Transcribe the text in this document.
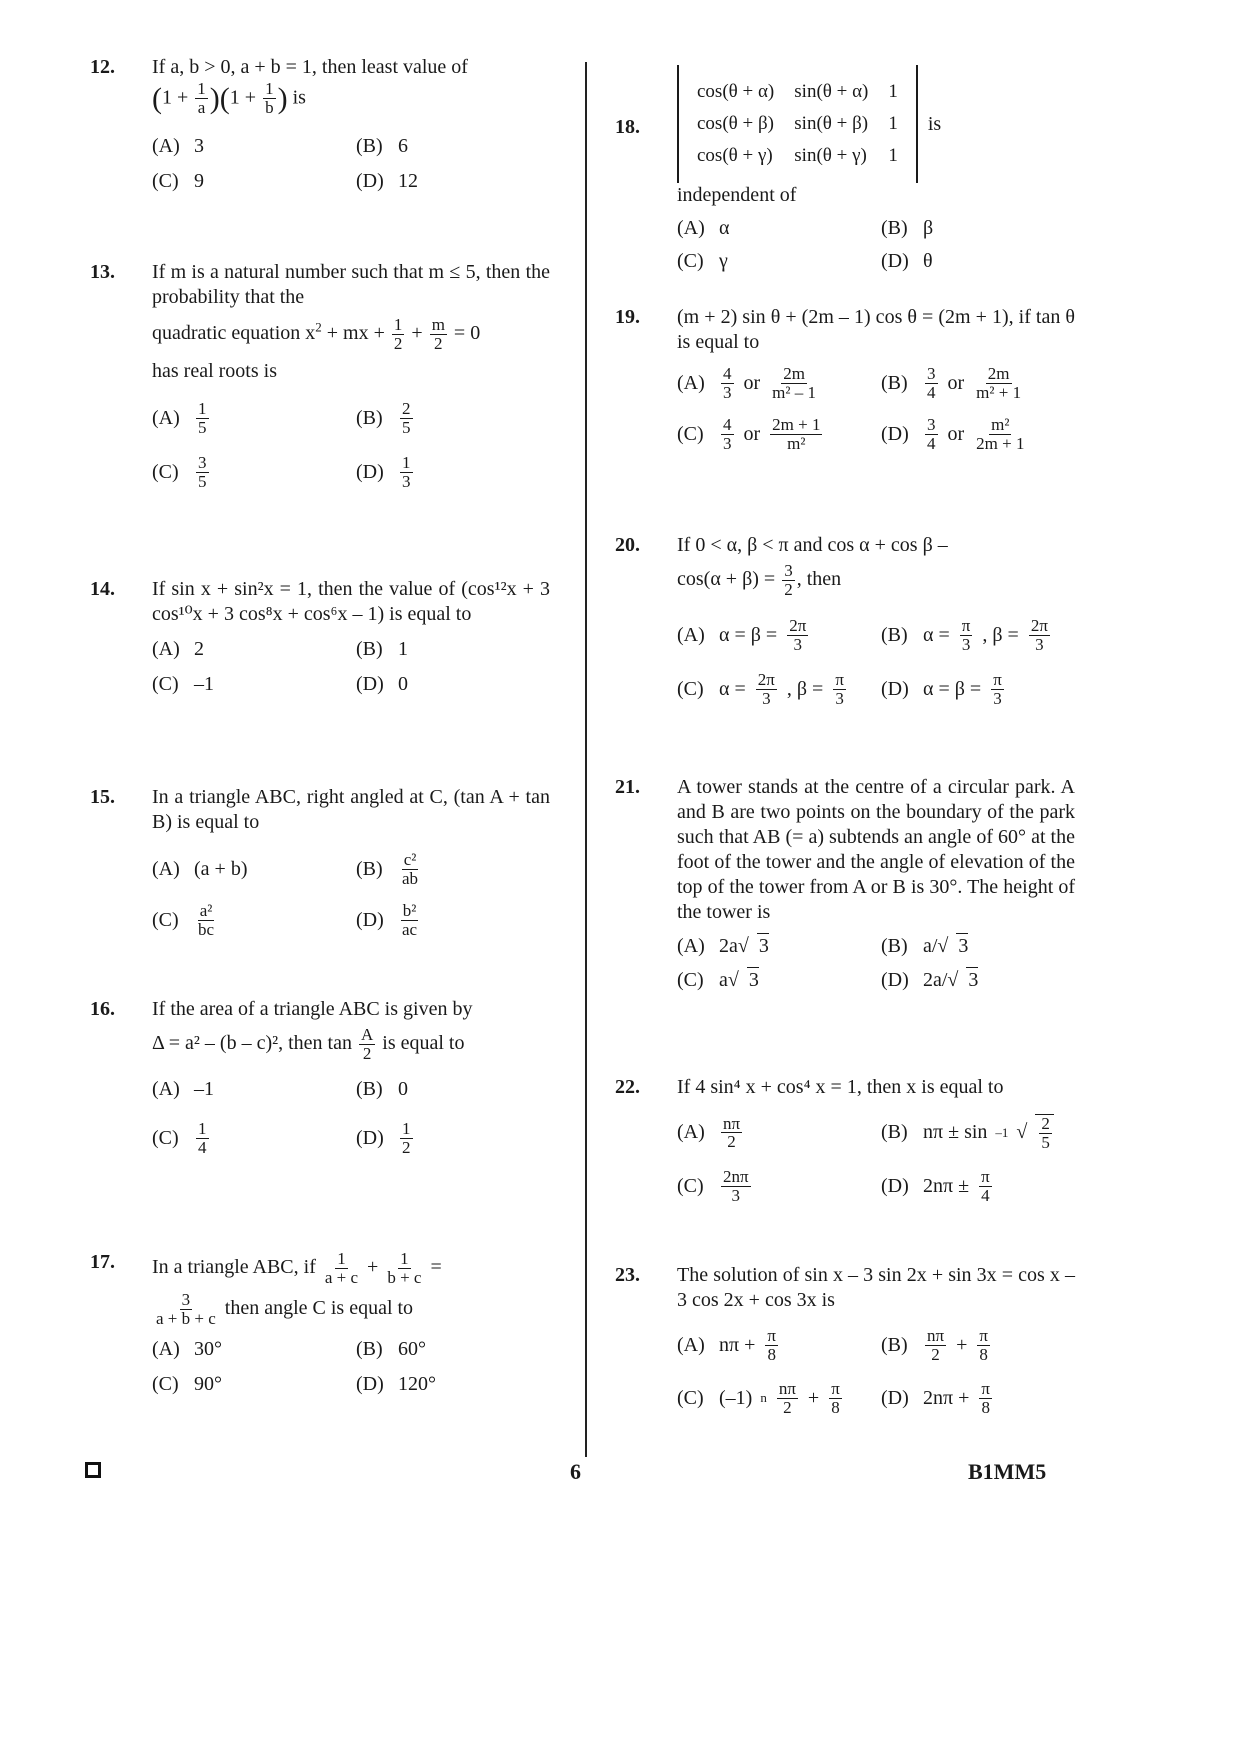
12.	If a, b > 0, a + b = 1, then least value of
$(1 + \frac{1}{a} )(1 + \frac{1}{b}$ ) is
(A) 3	(B) 6
(C) 9	(D) 12
13.	If m is a natural number such that m ≤ 5, then the probability that the
quadratic equation $x^2$ + mx + $\frac{1}{2} + \frac{m}{2} = 0$
has real roots is
$(A) \frac{1}{5}$	(B)	$\frac{2}{5}$
(C)	$\frac{3}{5}$	$(D) \frac{1}{3}$
14.	If sin x + sin²x = 1, then the value of (cos¹²x + 3 cos¹⁰x + 3 cos⁸x + cos⁶x – 1) is equal to
(A) 2	(B) 1
(C) –1	(D) 0
15.	In a triangle ABC, right angled at C, (tan A + tan B) is equal to
(A) (a + b)	(B)	$\frac{\text{c²}}{ab}$
(C)	$\frac{\text{a²}}{bc}$	$(D) \frac{\text{b²}}{ac}$
16.	If the area of a triangle ABC is given by
Δ = a² – (b – c)², then $\tan \frac{A}{2}$ is equal to
(A) –1	(B) 0
(C)	$\frac{1}{4}$	$(D) \frac{1}{2}$
17.	In a triangle ABC, if $\frac{1}{a + c} + \frac{1}{b + c}$ =
$\frac{3}{a + b + c}$ then angle C is equal to
(A) 30°	(B) 60°
(C) 90°	(D) 120°
18.
cos(θ + α)	sin(θ + α)	1
cos(θ + β)	sin(θ + β)	1
cos(θ + γ)	sin(θ + γ)	1
is
independent of
(A) α	(B) β
(C) γ	(D) θ
19.	(m + 2) sin θ + (2m – 1) cos θ = (2m + 1), if tan θ is equal to
$(A) \frac{4}{3}$ or $\frac{2m}{\text{m² – 1}}$	(B)	$\frac{3}{4}$ or $\frac{2m}{\text{m² + 1}}$
(C)	$\frac{4}{3}$ or $\frac{2m + 1}{\text{m²}}$	$(D) \frac{3}{4}$ or $\frac{\text{m²}}{2m + 1}$
20.	If 0 < α, β < π and cos α + cos β –
$\cos(\alpha + \beta) = \frac{3}{2}$ , then
(A) $\alpha = \beta = \frac{2\pi}{3}$	(B) $\alpha = \frac{\pi}{3}$ , $\beta = \frac{2\pi}{3}$
(C) $\alpha = \frac{2\pi}{3}$ , $\beta = \frac{\pi}{3} (D) \alpha = \beta = \frac{\pi}{3}$
21.	A tower stands at the centre of a circular park. A and B are two points on the boundary of the park such that AB (= a) subtends an angle of 60° at the foot of the tower and the angle of elevation of the top of the tower from A or B is 30°. The height of the tower is
(A) 2a√ 3	(B) a/√ 3
(C) a√ 3	(D) 2a/√ 3
22.	If 4 sin⁴ x + cos⁴ x = 1, then x is equal to
$(A) \frac{n\pi}{2}$	(B) nπ ± sin –1 √ $\frac{2}{5}$
(C)	$\frac{2n\pi}{3}$	(D) $2n\pi \pm \frac{\pi}{4}$
23.	The solution of sin x – 3 sin 2x + sin 3x = cos x – 3 cos 2x + cos 3x is
(A) $n\pi + \frac{\pi}{8}$	(B)	$\frac{n\pi}{2} + \frac{\pi}{8}$
(C) (–1) n $\frac{n\pi}{2} + \frac{\pi}{8} (D) 2n\pi + \frac{\pi}{8}$
6	B1MM5
